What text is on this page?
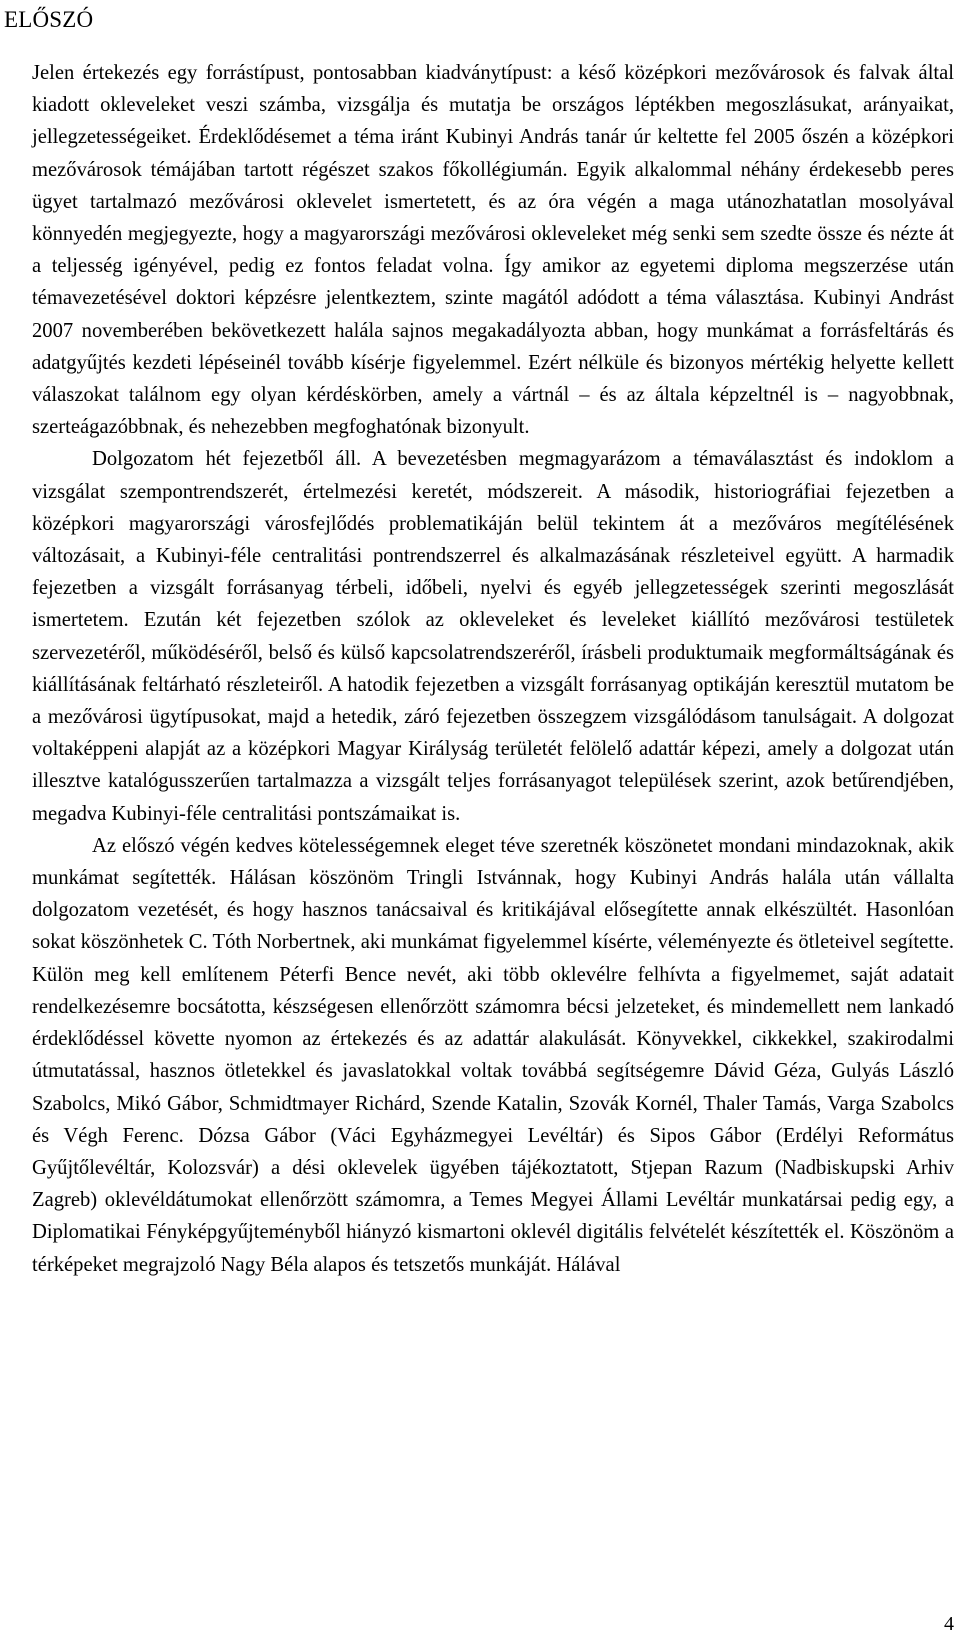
ELŐSZÓ

Jelen értekezés egy forrástípust, pontosabban kiadványtípust: a késő középkori mezővárosok és falvak által kiadott okleveleket veszi számba, vizsgálja és mutatja be országos léptékben megoszlásukat, arányaikat, jellegzetességeiket. Érdeklődésemet a téma iránt Kubinyi András tanár úr keltette fel 2005 őszén a középkori mezővárosok témájában tartott régészet szakos főkollégiumán. Egyik alkalommal néhány érdekesebb peres ügyet tartalmazó mezővárosi oklevelet ismertetett, és az óra végén a maga utánozhatatlan mosolyával könnyedén megjegyezte, hogy a magyarországi mezővárosi okleveleket még senki sem szedte össze és nézte át a teljesség igényével, pedig ez fontos feladat volna. Így amikor az egyetemi diploma megszerzése után témavezetésével doktori képzésre jelentkeztem, szinte magától adódott a téma választása. Kubinyi Andrást 2007 novemberében bekövetkezett halála sajnos megakadályozta abban, hogy munkámat a forrásfeltárás és adatgyűjtés kezdeti lépéseinél tovább kísérje figyelemmel. Ezért nélküle és bizonyos mértékig helyette kellett válaszokat találnom egy olyan kérdéskörben, amely a vártnál – és az általa képzeltnél is – nagyobbnak, szerteágazóbbnak, és nehezebben megfoghatónak bizonyult.

Dolgozatom hét fejezetből áll. A bevezetésben megmagyarázom a témaválasztást és indoklom a vizsgálat szempontrendszerét, értelmezési keretét, módszereit. A második, historiográfiai fejezetben a középkori magyarországi városfejlődés problematikáján belül tekintem át a mezőváros megítélésének változásait, a Kubinyi-féle centralitási pontrendszerrel és alkalmazásának részleteivel együtt. A harmadik fejezetben a vizsgált forrásanyag térbeli, időbeli, nyelvi és egyéb jellegzetességek szerinti megoszlását ismertetem. Ezután két fejezetben szólok az okleveleket és leveleket kiállító mezővárosi testületek szervezetéről, működéséről, belső és külső kapcsolatrendszeréről, írásbeli produktumaik megformáltságának és kiállításának feltárható részleteiről. A hatodik fejezetben a vizsgált forrásanyag optikáján keresztül mutatom be a mezővárosi ügytípusokat, majd a hetedik, záró fejezetben összegzem vizsgálódásom tanulságait. A dolgozat voltaképpeni alapját az a középkori Magyar Királyság területét felölelő adattár képezi, amely a dolgozat után illesztve katalógusszerűen tartalmazza a vizsgált teljes forrásanyagot települések szerint, azok betűrendjében, megadva Kubinyi-féle centralitási pontszámaikat is.

Az előszó végén kedves kötelességemnek eleget téve szeretnék köszönetet mondani mindazoknak, akik munkámat segítették. Hálásan köszönöm Tringli Istvánnak, hogy Kubinyi András halála után vállalta dolgozatom vezetését, és hogy hasznos tanácsaival és kritikájával elősegítette annak elkészültét. Hasonlóan sokat köszönhetek C. Tóth Norbertnek, aki munkámat figyelemmel kísérte, véleményezte és ötleteivel segítette. Külön meg kell említenem Péterfi Bence nevét, aki több oklevélre felhívta a figyelmemet, saját adatait rendelkezésemre bocsátotta, készségesen ellenőrzött számomra bécsi jelzeteket, és mindemellett nem lankadó érdeklődéssel követte nyomon az értekezés és az adattár alakulását. Könyvekkel, cikkekkel, szakirodalmi útmutatással, hasznos ötletekkel és javaslatokkal voltak továbbá segítségemre Dávid Géza, Gulyás László Szabolcs, Mikó Gábor, Schmidtmayer Richárd, Szende Katalin, Szovák Kornél, Thaler Tamás, Varga Szabolcs és Végh Ferenc. Dózsa Gábor (Váci Egyházmegyei Levéltár) és Sipos Gábor (Erdélyi Református Gyűjtőlevéltár, Kolozsvár) a dési oklevelek ügyében tájékoztatott, Stjepan Razum (Nadbiskupski Arhiv Zagreb) oklevéldátumokat ellenőrzött számomra, a Temes Megyei Állami Levéltár munkatársai pedig egy, a Diplomatikai Fényképgyűjteményből hiányzó kismartoni oklevél digitális felvételét készítették el. Köszönöm a térképeket megrajzoló Nagy Béla alapos és tetszetős munkáját. Hálával

4
